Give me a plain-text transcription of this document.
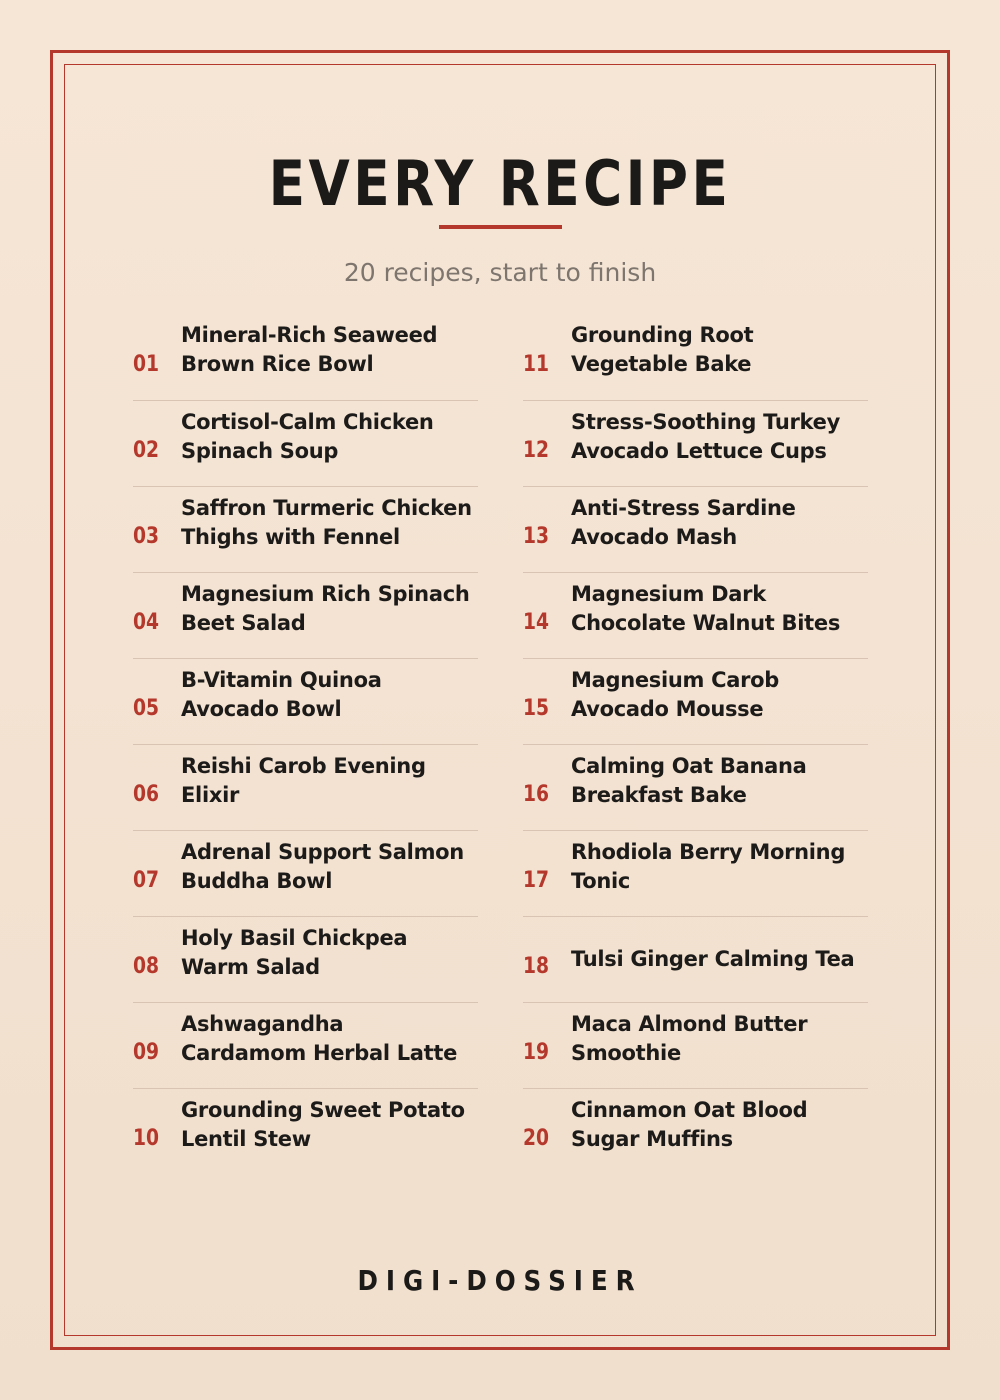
EVERY RECIPE
20 recipes, start to finish
01
Mineral-Rich Seaweed
Brown Rice Bowl
02
Cortisol-Calm Chicken
Spinach Soup
03
Saffron Turmeric Chicken
Thighs with Fennel
04
Magnesium Rich Spinach
Beet Salad
05
B-Vitamin Quinoa
Avocado Bowl
06
Reishi Carob Evening
Elixir
07
Adrenal Support Salmon
Buddha Bowl
08
Holy Basil Chickpea
Warm Salad
09
Ashwagandha
Cardamom Herbal Latte
10
Grounding Sweet Potato
Lentil Stew
11
Grounding Root
Vegetable Bake
12
Stress-Soothing Turkey
Avocado Lettuce Cups
13
Anti-Stress Sardine
Avocado Mash
14
Magnesium Dark
Chocolate Walnut Bites
15
Magnesium Carob
Avocado Mousse
16
Calming Oat Banana
Breakfast Bake
17
Rhodiola Berry Morning
Tonic
18	Tulsi Ginger Calming Tea
19
Maca Almond Butter
Smoothie
20
Cinnamon Oat Blood
Sugar Muffins
DIGI-DOSSIER
